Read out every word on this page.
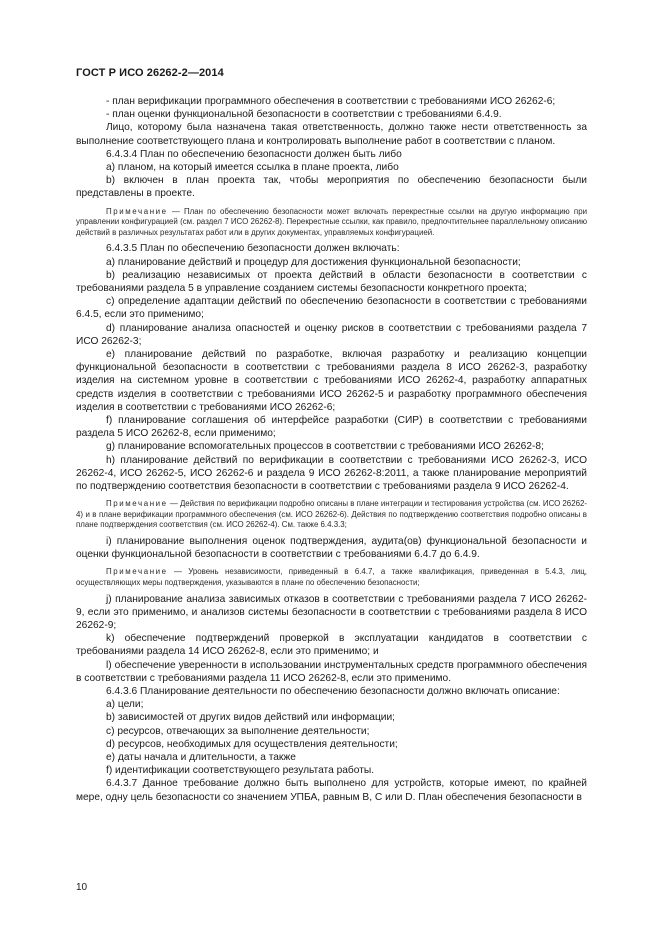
ГОСТ Р ИСО 26262-2—2014

- план верификации программного обеспечения в соответствии с требованиями ИСО 26262-6;

- план оценки функциональной безопасности в соответствии с требованиями 6.4.9.

Лицо, которому была назначена такая ответственность, должно также нести ответственность за выполнение соответствующего плана и контролировать выполнение работ в соответствии с планом.

6.4.3.4 План по обеспечению безопасности должен быть либо

a) планом, на который имеется ссылка в плане проекта, либо

b) включен в план проекта так, чтобы мероприятия по обеспечению безопасности были представлены в проекте.

Примечание — План по обеспечению безопасности может включать перекрестные ссылки на другую информацию при управлении конфигурацией (см. раздел 7 ИСО 26262-8). Перекрестные ссылки, как правило, предпочтительнее параллельному описанию действий в различных результатах работ или в других документах, управляемых конфигурацией.

6.4.3.5 План по обеспечению безопасности должен включать:

a) планирование действий и процедур для достижения функциональной безопасности;

b) реализацию независимых от проекта действий в области безопасности в соответствии с требованиями раздела 5 в управление созданием системы безопасности конкретного проекта;

c) определение адаптации действий по обеспечению безопасности в соответствии с требованиями 6.4.5, если это применимо;

d) планирование анализа опасностей и оценку рисков в соответствии с требованиями раздела 7 ИСО 26262-3;

e) планирование действий по разработке, включая разработку и реализацию концепции функциональной безопасности в соответствии с требованиями раздела 8 ИСО 26262-3, разработку изделия на системном уровне в соответствии с требованиями ИСО 26262-4, разработку аппаратных средств изделия в соответствии с требованиями ИСО 26262-5 и разработку программного обеспечения изделия в соответствии с требованиями ИСО 26262-6;

f) планирование соглашения об интерфейсе разработки (СИР) в соответствии с требованиями раздела 5 ИСО 26262-8, если применимо;

g) планирование вспомогательных процессов в соответствии с требованиями ИСО 26262-8;

h) планирование действий по верификации в соответствии с требованиями ИСО 26262-3, ИСО 26262-4, ИСО 26262-5, ИСО 26262-6 и раздела 9 ИСО 26262-8:2011, а также планирование мероприятий по подтверждению соответствия безопасности в соответствии с требованиями раздела 9 ИСО 26262-4.

Примечание — Действия по верификации подробно описаны в плане интеграции и тестирования устройства (см. ИСО 26262-4) и в плане верификации программного обеспечения (см. ИСО 26262-6). Действия по подтверждению соответствия подробно описаны в плане подтверждения соответствия (см. ИСО 26262-4). См. также 6.4.3.3;

i) планирование выполнения оценок подтверждения, аудита(ов) функциональной безопасности и оценки функциональной безопасности в соответствии с требованиями 6.4.7 до 6.4.9.

Примечание — Уровень независимости, приведенный в 6.4.7, а также квалификация, приведенная в 5.4.3, лиц, осуществляющих меры подтверждения, указываются в плане по обеспечению безопасности;

j) планирование анализа зависимых отказов в соответствии с требованиями раздела 7 ИСО 26262-9, если это применимо, и анализов системы безопасности в соответствии с требованиями раздела 8 ИСО 26262-9;

k) обеспечение подтверждений проверкой в эксплуатации кандидатов в соответствии с требованиями раздела 14 ИСО 26262-8, если это применимо; и

l) обеспечение уверенности в использовании инструментальных средств программного обеспечения в соответствии с требованиями раздела 11 ИСО 26262-8, если это применимо.

6.4.3.6 Планирование деятельности по обеспечению безопасности должно включать описание:

a) цели;

b) зависимостей от других видов действий или информации;

c) ресурсов, отвечающих за выполнение деятельности;

d) ресурсов, необходимых для осуществления деятельности;

e) даты начала и длительности, а также

f) идентификации соответствующего результата работы.

6.4.3.7 Данное требование должно быть выполнено для устройств, которые имеют, по крайней мере, одну цель безопасности со значением УПБА, равным B, C или D. План обеспечения безопасности в

10
